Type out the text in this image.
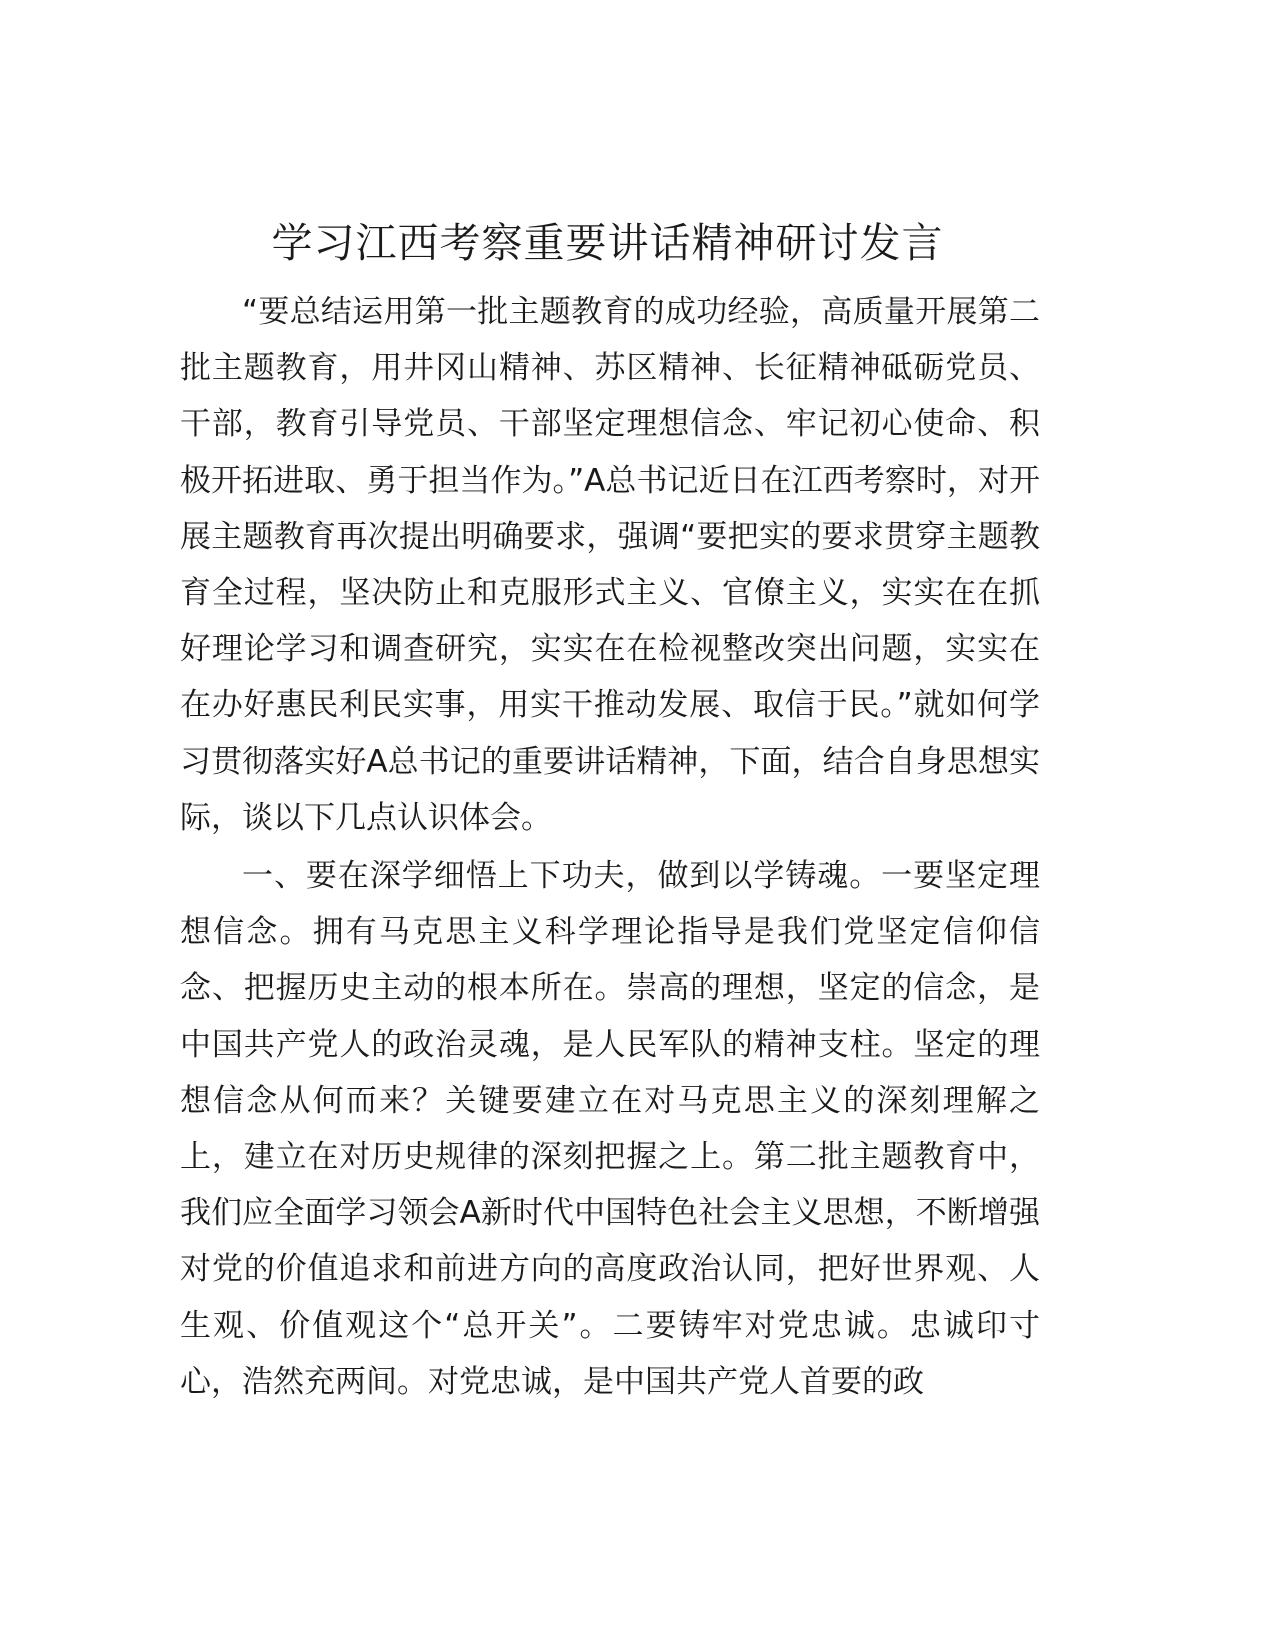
学习江西考察重要讲话精神研讨发言

“要总结运用第一批主题教育的成功经验，高质量开展第二批主题教育，用井冈山精神、苏区精神、长征精神砥砺党员、干部，教育引导党员、干部坚定理想信念、牢记初心使命、积极开拓进取、勇于担当作为。”A总书记近日在江西考察时，对开展主题教育再次提出明确要求，强调“要把实的要求贯穿主题教育全过程，坚决防止和克服形式主义、官僚主义，实实在在抓好理论学习和调查研究，实实在在检视整改突出问题，实实在在办好惠民利民实事，用实干推动发展、取信于民。”就如何学习贯彻落实好A总书记的重要讲话精神，下面，结合自身思想实际，谈以下几点认识体会。

一、要在深学细悟上下功夫，做到以学铸魂。一要坚定理想信念。拥有马克思主义科学理论指导是我们党坚定信仰信念、把握历史主动的根本所在。崇高的理想，坚定的信念，是中国共产党人的政治灵魂，是人民军队的精神支柱。坚定的理想信念从何而来？关键要建立在对马克思主义的深刻理解之上，建立在对历史规律的深刻把握之上。第二批主题教育中，我们应全面学习领会A新时代中国特色社会主义思想，不断增强对党的价值追求和前进方向的高度政治认同，把好世界观、人生观、价值观这个“总开关”。二要铸牢对党忠诚。忠诚印寸心，浩然充两间。对党忠诚，是中国共产党人首要的政
